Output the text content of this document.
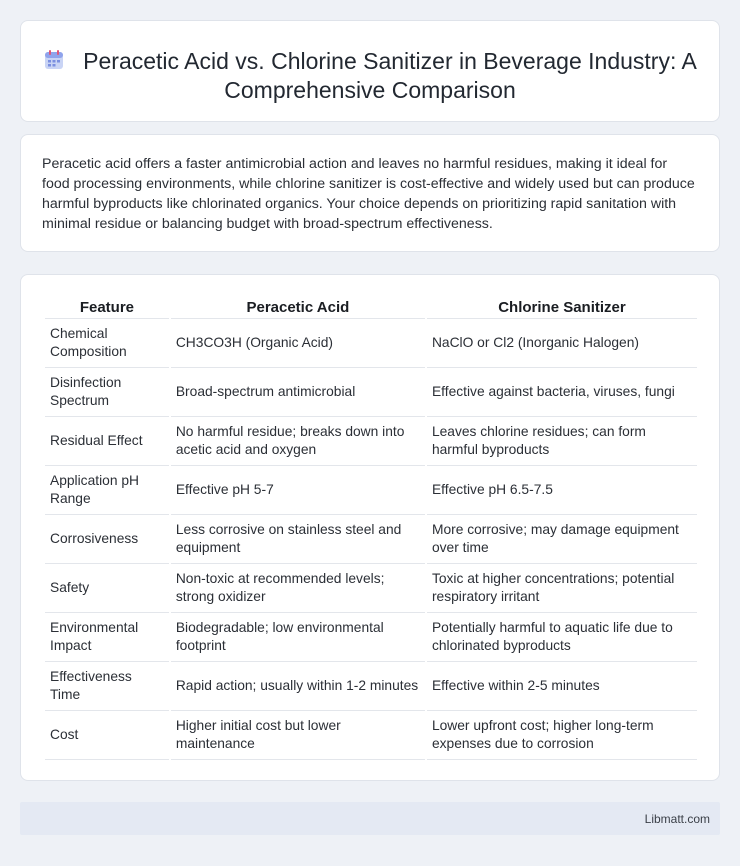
Peracetic Acid vs. Chlorine Sanitizer in Beverage Industry: A Comprehensive Comparison

Peracetic acid offers a faster antimicrobial action and leaves no harmful residues, making it ideal for food processing environments, while chlorine sanitizer is cost-effective and widely used but can produce harmful byproducts like chlorinated organics. Your choice depends on prioritizing rapid sanitation with minimal residue or balancing budget with broad-spectrum effectiveness.

Feature	Peracetic Acid	Chlorine Sanitizer
Chemical Composition	CH3CO3H (Organic Acid)	NaClO or Cl2 (Inorganic Halogen)
Disinfection Spectrum	Broad-spectrum antimicrobial	Effective against bacteria, viruses, fungi
Residual Effect	No harmful residue; breaks down into acetic acid and oxygen	Leaves chlorine residues; can form harmful byproducts
Application pH Range	Effective pH 5-7	Effective pH 6.5-7.5
Corrosiveness	Less corrosive on stainless steel and equipment	More corrosive; may damage equipment over time
Safety	Non-toxic at recommended levels; strong oxidizer	Toxic at higher concentrations; potential respiratory irritant
Environmental Impact	Biodegradable; low environmental footprint	Potentially harmful to aquatic life due to chlorinated byproducts
Effectiveness Time	Rapid action; usually within 1-2 minutes	Effective within 2-5 minutes
Cost	Higher initial cost but lower maintenance	Lower upfront cost; higher long-term expenses due to corrosion
Libmatt.com
